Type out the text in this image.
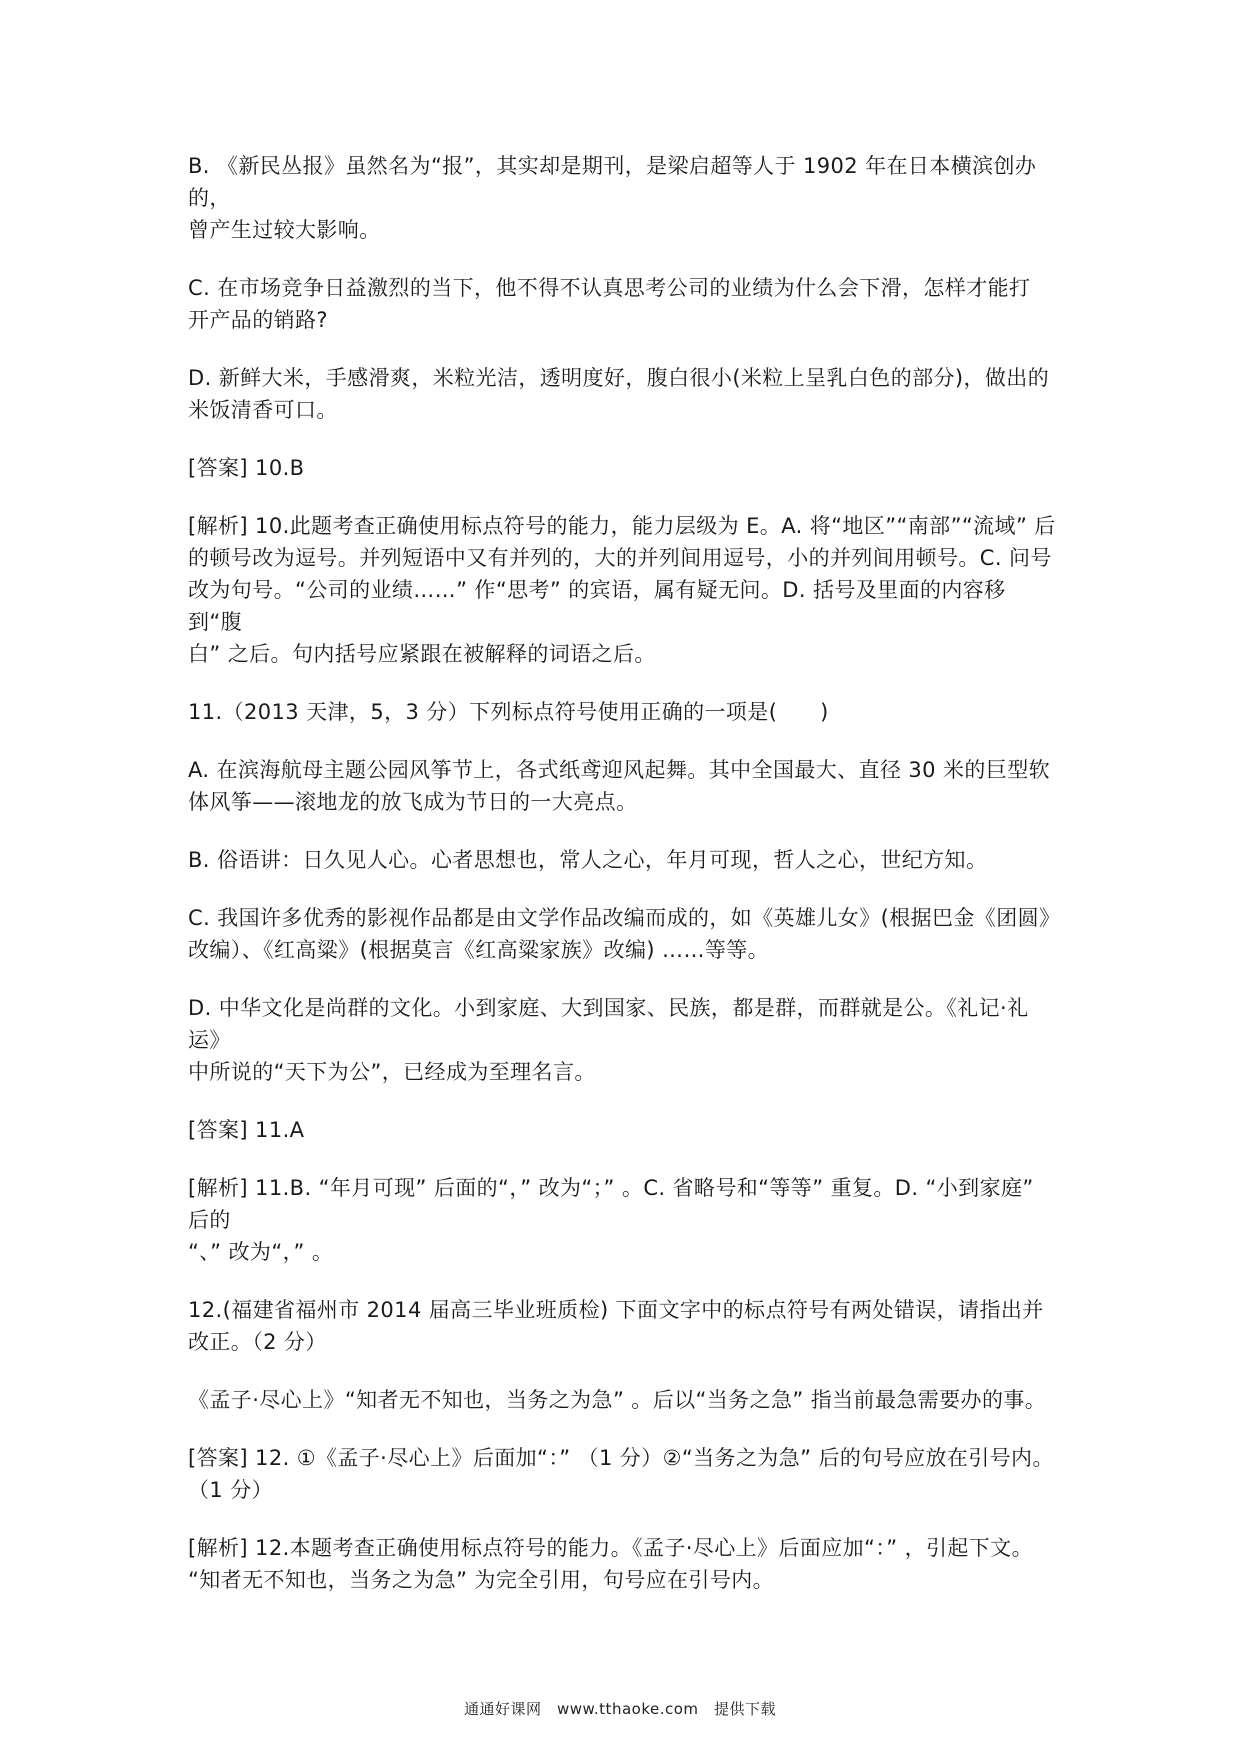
B. 《新民丛报》虽然名为“报”，其实却是期刊，是梁启超等人于 1902 年在日本横滨创办的，
曾产生过较大影响。
C. 在市场竞争日益激烈的当下，他不得不认真思考公司的业绩为什么会下滑，怎样才能打
开产品的销路?
D. 新鲜大米，手感滑爽，米粒光洁，透明度好，腹白很小(米粒上呈乳白色的部分)，做出的
米饭清香可口。
[答案] 10.B
[解析] 10.此题考查正确使用标点符号的能力，能力层级为 E。A. 将“地区”“南部”“流域” 后
的顿号改为逗号。并列短语中又有并列的，大的并列间用逗号，小的并列间用顿号。C. 问号
改为句号。“公司的业绩……” 作“思考” 的宾语，属有疑无问。D. 括号及里面的内容移到“腹
白” 之后。句内括号应紧跟在被解释的词语之后。
11.（2013 天津，5，3 分）下列标点符号使用正确的一项是(　　)
A. 在滨海航母主题公园风筝节上，各式纸鸢迎风起舞。其中全国最大、直径 30 米的巨型软
体风筝——滚地龙的放飞成为节日的一大亮点。
B. 俗语讲：日久见人心。心者思想也，常人之心，年月可现，哲人之心，世纪方知。
C. 我国许多优秀的影视作品都是由文学作品改编而成的，如《英雄儿女》(根据巴金《团圆》
改编）、《红高粱》(根据莫言《红高粱家族》改编) ……等等。
D. 中华文化是尚群的文化。小到家庭、大到国家、民族，都是群，而群就是公。《礼记·礼运》
中所说的“天下为公”，已经成为至理名言。
[答案] 11.A
[解析] 11.B. “年月可现” 后面的“，” 改为“；” 。C. 省略号和“等等” 重复。D. “小到家庭” 后的
“、” 改为“，” 。
12.(福建省福州市 2014 届高三毕业班质检) 下面文字中的标点符号有两处错误，请指出并
改正。（2 分）
《孟子·尽心上》“知者无不知也，当务之为急” 。后以“当务之急” 指当前最急需要办的事。
[答案] 12. ①《孟子·尽心上》后面加“：” （1 分）②“当务之为急” 后的句号应放在引号内。
（1 分）
[解析] 12.本题考查正确使用标点符号的能力。《孟子·尽心上》后面应加“：” ，引起下文。
“知者无不知也，当务之为急” 为完全引用，句号应在引号内。
通通好课网　www.tthaoke.com　提供下载
